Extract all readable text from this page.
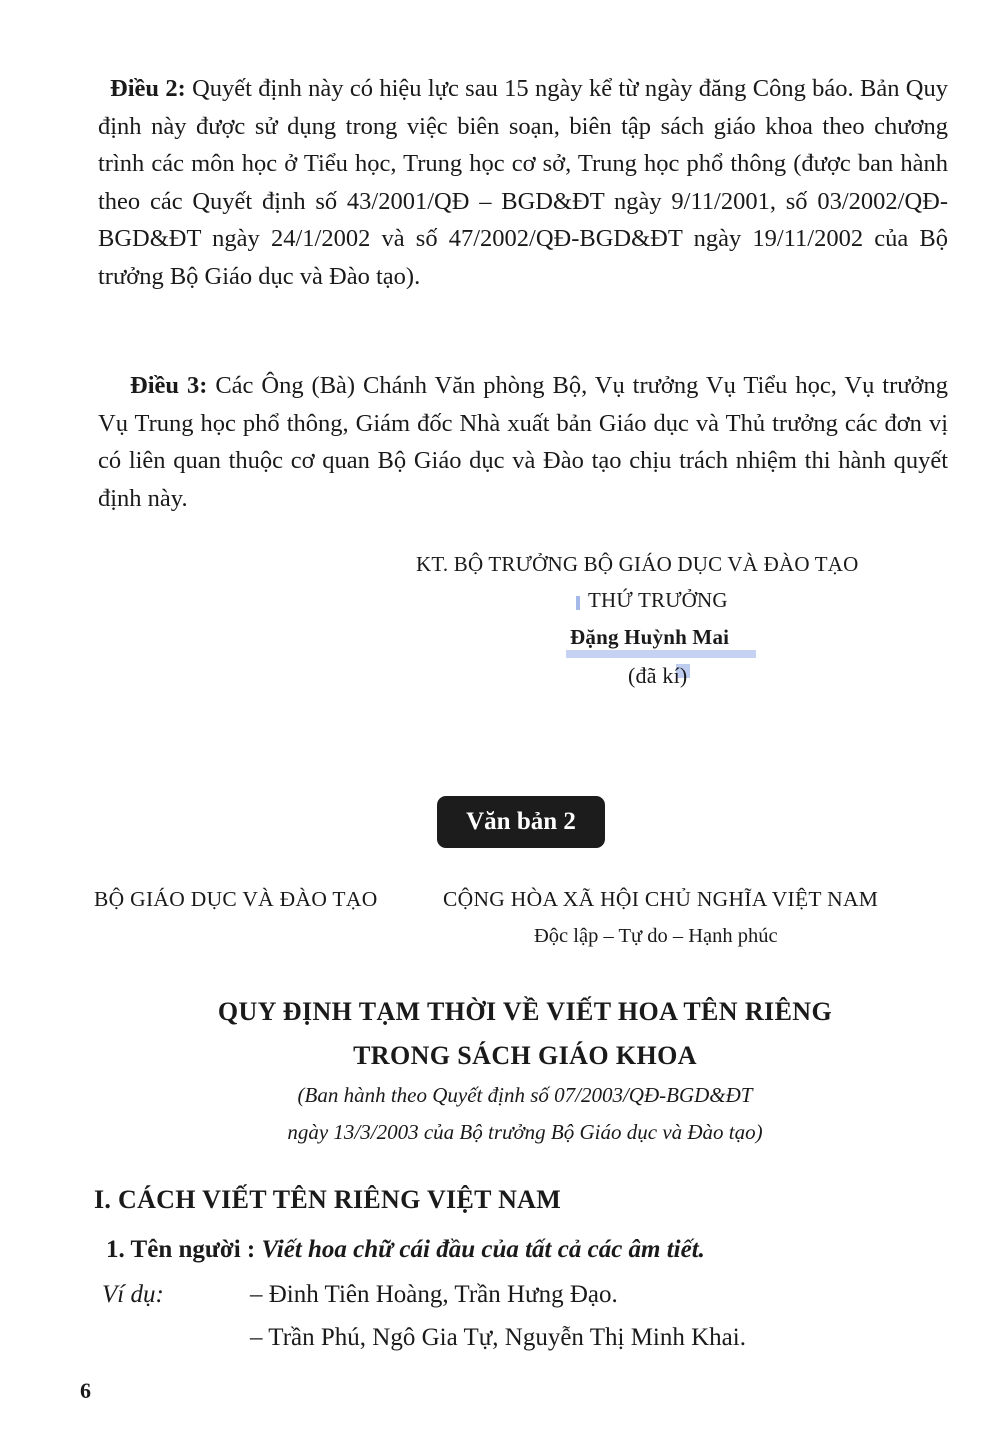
Điều 2: Quyết định này có hiệu lực sau 15 ngày kể từ ngày đăng Công báo. Bản Quy định này được sử dụng trong việc biên soạn, biên tập sách giáo khoa theo chương trình các môn học ở Tiểu học, Trung học cơ sở, Trung học phổ thông (được ban hành theo các Quyết định số 43/2001/QĐ – BGD&ĐT ngày 9/11/2001, số 03/2002/QĐ-BGD&ĐT ngày 24/1/2002 và số 47/2002/QĐ-BGD&ĐT ngày 19/11/2002 của Bộ trưởng Bộ Giáo dục và Đào tạo).

Điều 3: Các Ông (Bà) Chánh Văn phòng Bộ, Vụ trưởng Vụ Tiểu học, Vụ trưởng Vụ Trung học phổ thông, Giám đốc Nhà xuất bản Giáo dục và Thủ trưởng các đơn vị có liên quan thuộc cơ quan Bộ Giáo dục và Đào tạo chịu trách nhiệm thi hành quyết định này.

KT. BỘ TRƯỞNG BỘ GIÁO DỤC VÀ ĐÀO TẠO
THỨ TRƯỞNG
Đặng Huỳnh Mai
(đã kí)
Văn bản 2
BỘ GIÁO DỤC VÀ ĐÀO TẠO	CỘNG HÒA XÃ HỘI CHỦ NGHĨA VIỆT NAM
Độc lập – Tự do – Hạnh phúc
QUY ĐỊNH TẠM THỜI VỀ VIẾT HOA TÊN RIÊNG
TRONG SÁCH GIÁO KHOA
(Ban hành theo Quyết định số 07/2003/QĐ-BGD&ĐT
ngày 13/3/2003 của Bộ trưởng Bộ Giáo dục và Đào tạo)
I. CÁCH VIẾT TÊN RIÊNG VIỆT NAM
1. Tên người : Viết hoa chữ cái đầu của tất cả các âm tiết.
Ví dụ:	– Đinh Tiên Hoàng, Trần Hưng Đạo.
– Trần Phú, Ngô Gia Tự, Nguyễn Thị Minh Khai.
6
